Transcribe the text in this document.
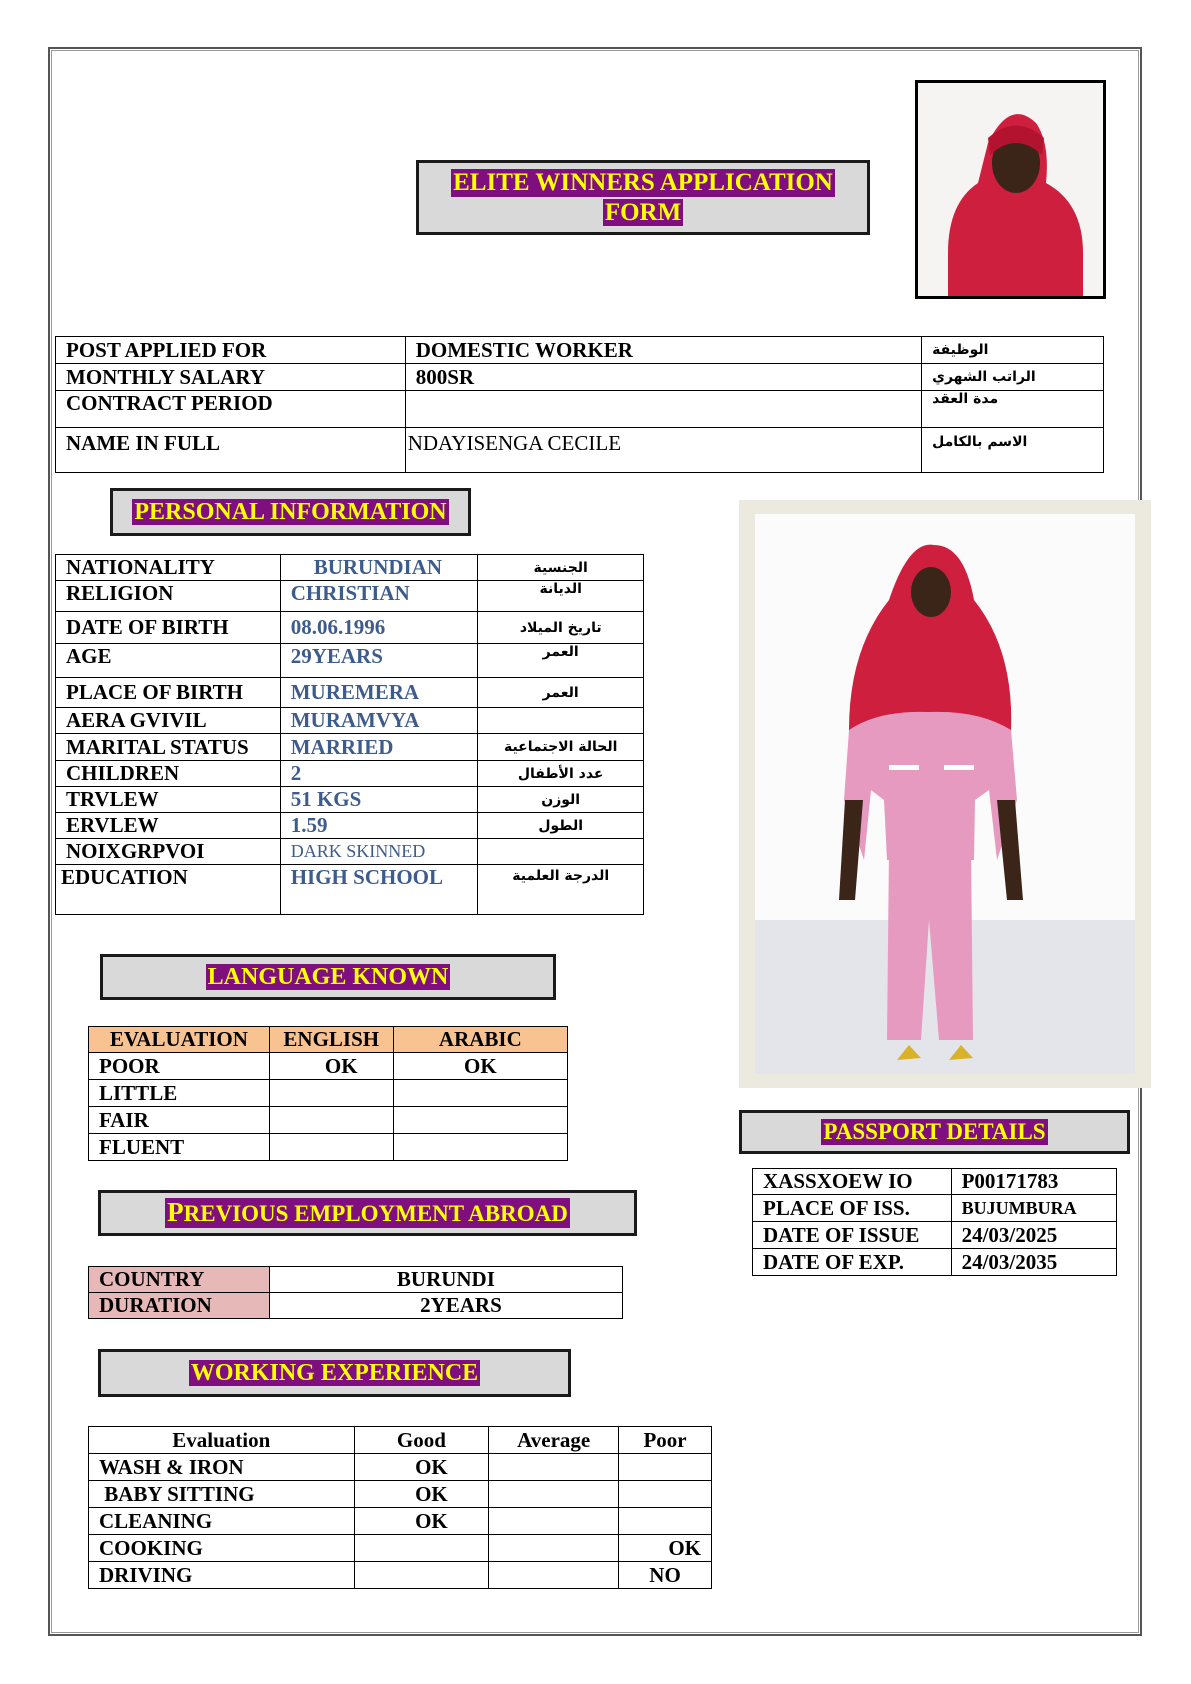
ELITE WINNERS APPLICATION
FORM
POST APPLIED FOR	DOMESTIC WORKER	الوظيفة
MONTHLY SALARY	800SR	الراتب الشهري
CONTRACT PERIOD		مدة العقد
NAME IN FULL	NDAYISENGA CECILE	الاسم بالكامل
PERSONAL INFORMATION
NATIONALITY	BURUNDIAN	الجنسية
RELIGION	CHRISTIAN	الديانة
DATE OF BIRTH	08.06.1996	تاريخ الميلاد
AGE	29YEARS	العمر
PLACE OF BIRTH	MUREMERA	العمر
AERA GVIVIL	MURAMVYA	
MARITAL STATUS	MARRIED	الحالة الاجتماعية
CHILDREN	2	عدد الأطفال
TRVLEW	51 KGS	الوزن
ERVLEW	1.59	الطول
NOIXGRPVOI	DARK SKINNED	
EDUCATION	HIGH SCHOOL	الدرجة العلمية
LANGUAGE KNOWN
EVALUATION	ENGLISH	ARABIC
POOR	OK	OK
LITTLE		
FAIR		
FLUENT		
PREVIOUS EMPLOYMENT ABROAD
COUNTRY	BURUNDI
DURATION	2YEARS
WORKING EXPERIENCE
Evaluation	Good	Average	Poor
WASH & IRON	OK		
BABY SITTING	OK		
CLEANING	OK		
COOKING			OK
DRIVING			NO
PASSPORT DETAILS
XASSXOEW IO	P00171783
PLACE OF ISS.	BUJUMBURA
DATE OF ISSUE	24/03/2025
DATE OF EXP.	24/03/2035
